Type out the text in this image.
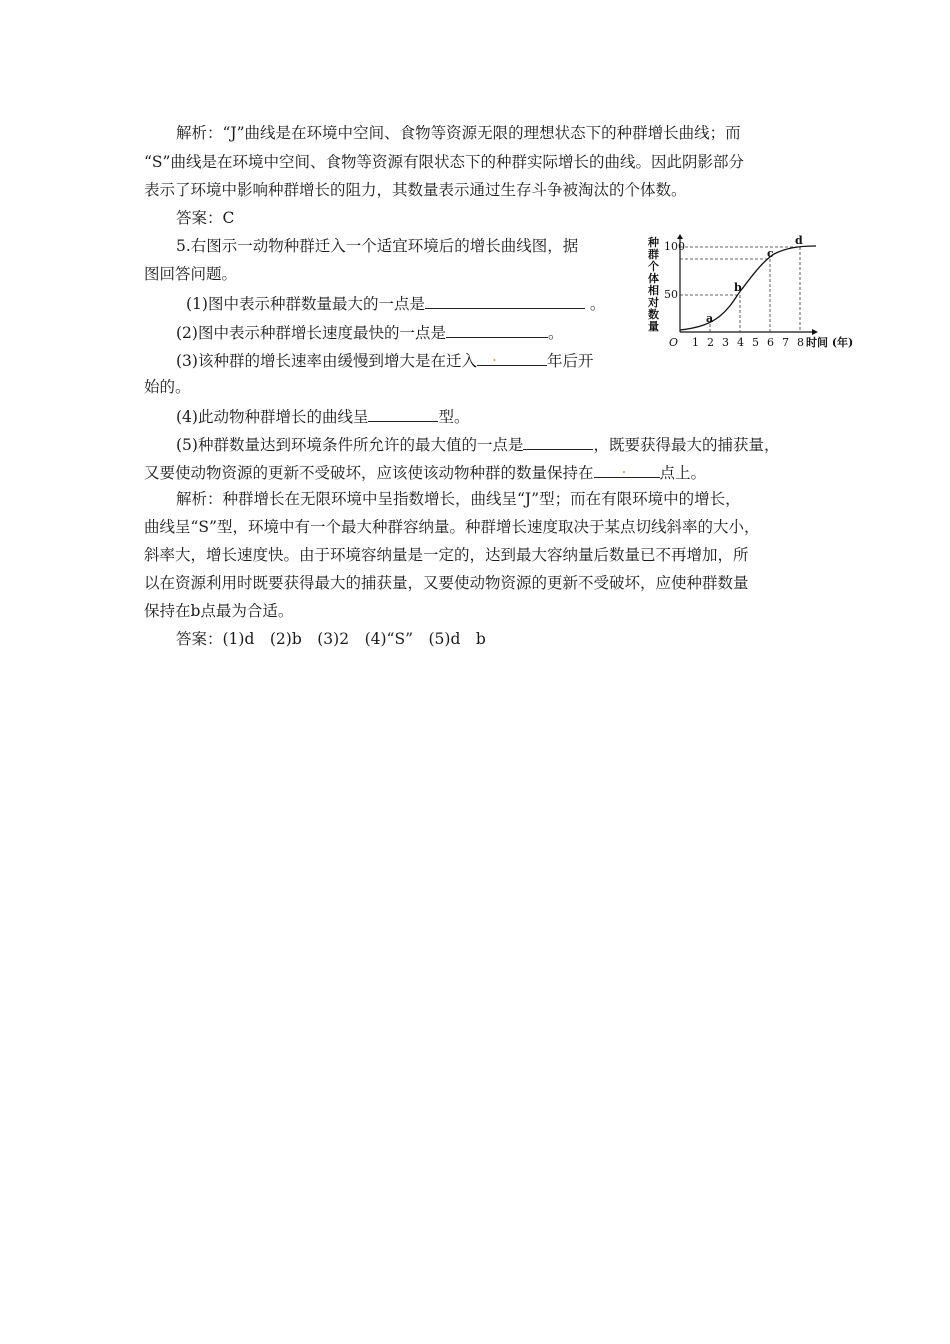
解析：“J”曲线是在环境中空间、食物等资源无限的理想状态下的种群增长曲线；而
“S”曲线是在环境中空间、食物等资源有限状态下的种群实际增长的曲线。因此阴影部分
表示了环境中影响种群增长的阻力，其数量表示通过生存斗争被淘汰的个体数。
答案：C
5.右图示一动物种群迁入一个适宜环境后的增长曲线图，据
图回答问题。
(1)图中表示种群数量最大的一点是	。
(2)图中表示种群增长速度最快的一点是	。
(3)该种群的增长速率由缓慢到增大是在迁入 .	年后开
始的。
(4)此动物种群增长的曲线呈	型。
(5)种群数量达到环境条件所允许的最大值的一点是	，既要获得最大的捕获量，
又要使动物资源的更新不受破坏，应该使该动物种群的数量保持在 . 点上。
解析：种群增长在无限环境中呈指数增长，曲线呈“J”型；而在有限环境中的增长，
曲线呈“S”型，环境中有一个最大种群容纳量。种群增长速度取决于某点切线斜率的大小，
斜率大，增长速度快。由于环境容纳量是一定的，达到最大容纳量后数量已不再增加，所
以在资源利用时既要获得最大的捕获量，又要使动物资源的更新不受破坏，应使种群数量
保持在b点最为合适。
答案：(1)d　(2)b　(3)2　(4)“S”　(5)d　b
种
群
个
体
相
对
数
量
100
50
O 1 2 3 4 5 6 7 8 时间 (年)
a
b
c
d
